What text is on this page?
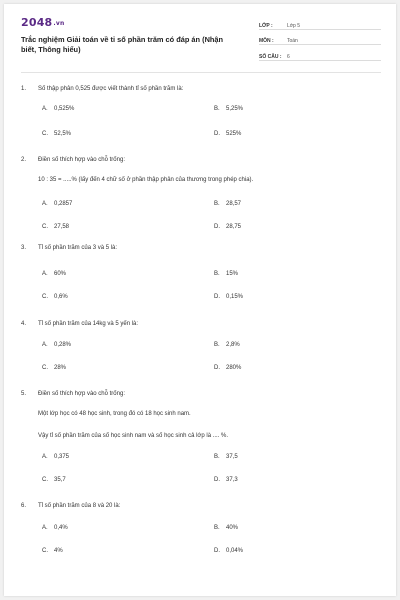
2048.vn
Trắc nghiệm Giải toán về tỉ số phần trăm có đáp án (Nhận biết, Thông hiểu)
LỚP :	Lớp 5
MÔN :	Toán
SỐ CÂU :	6
1. Số thập phân 0,525 được viết thành tỉ số phần trăm là:
A. 0,525%	B. 5,25%
C. 52,5%	D. 525%
2. Điền số thích hợp vào chỗ trống:
10 : 35 = .....% (lấy đến 4 chữ số ở phần thập phân của thương trong phép chia).
A. 0,2857	B. 28,57
C. 27,58	D. 28,75
3. Tỉ số phần trăm của 3 và 5 là:
A. 60%	B. 15%
C. 0,6%	D. 0,15%
4. Tỉ số phần trăm của 14kg và 5 yến là:
A. 0,28%	B. 2,8%
C. 28%	D. 280%
5. Điền số thích hợp vào chỗ trống:
Một lớp học có 48 học sinh, trong đó có 18 học sinh nam.
Vậy tỉ số phần trăm của số học sinh nam và số học sinh cả lớp là .... %.
A. 0,375	B. 37,5
C. 35,7	D. 37,3
6. Tỉ số phần trăm của 8 và 20 là:
A. 0,4%	B. 40%
C. 4%	D. 0,04%
